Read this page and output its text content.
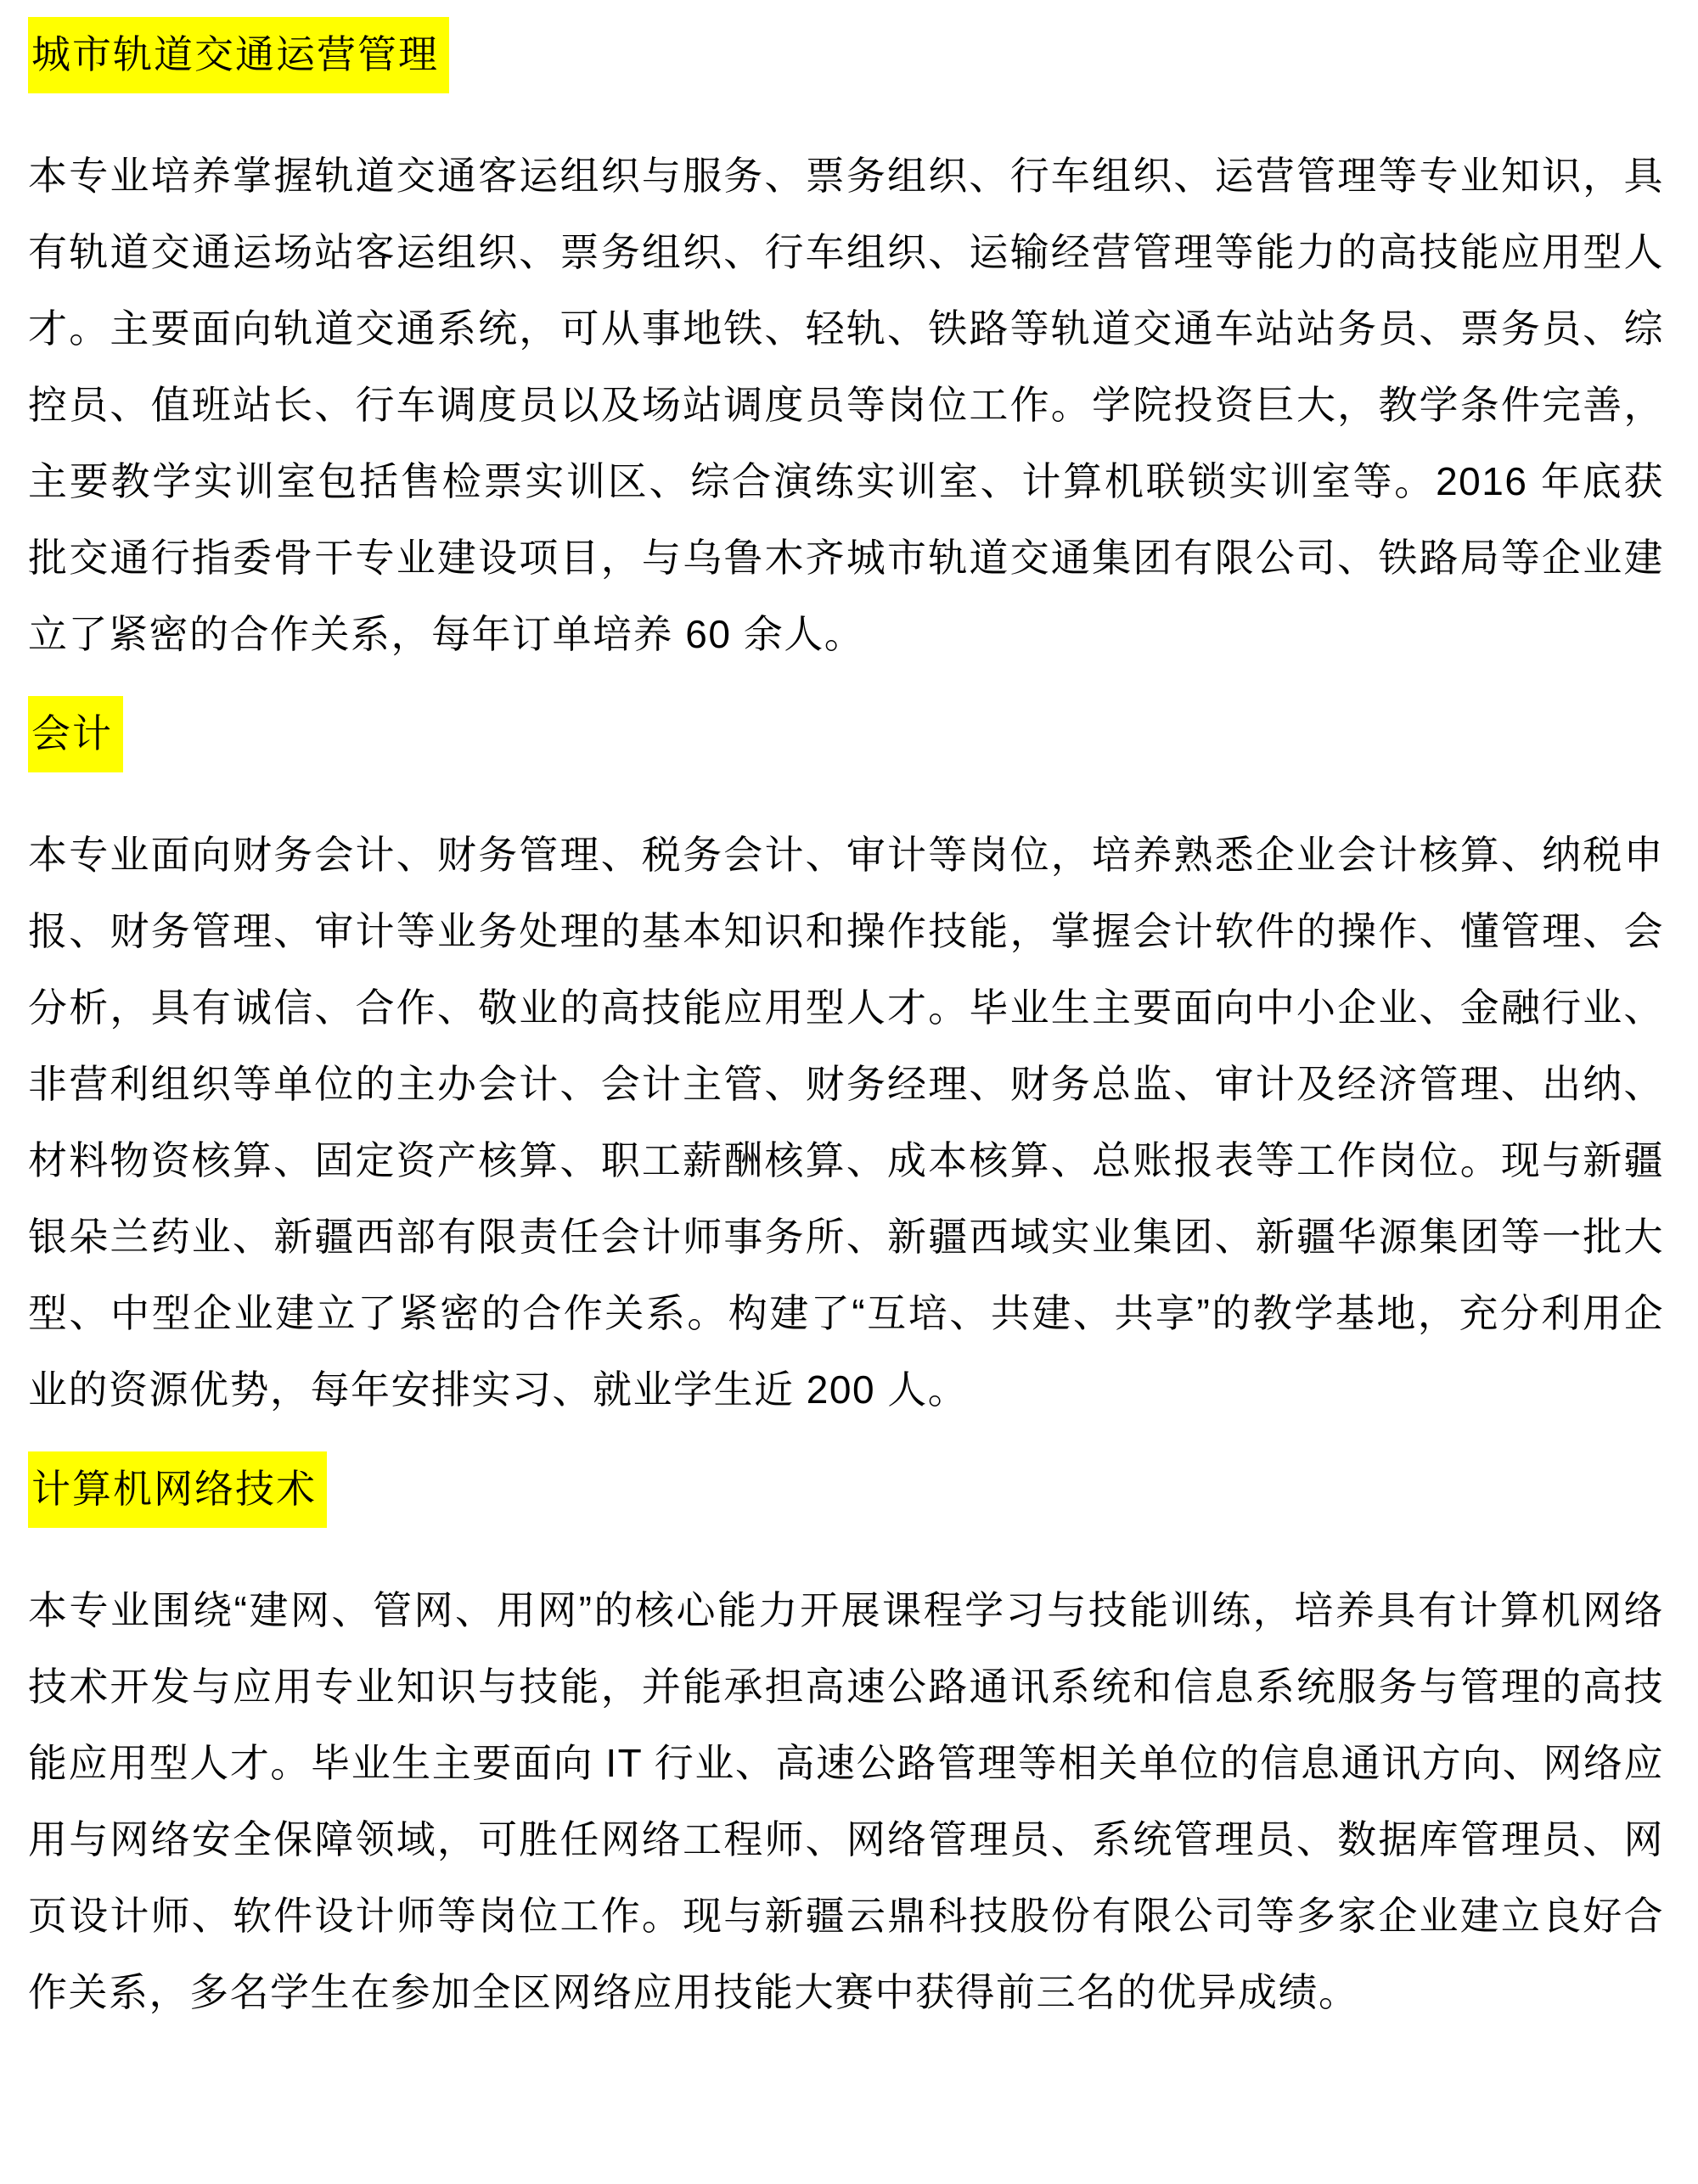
城市轨道交通运营管理

本专业培养掌握轨道交通客运组织与服务、票务组织、行车组织、运营管理等专业知识，具有轨道交通运场站客运组织、票务组织、行车组织、运输经营管理等能力的高技能应用型人才。主要面向轨道交通系统，可从事地铁、轻轨、铁路等轨道交通车站站务员、票务员、综控员、值班站长、行车调度员以及场站调度员等岗位工作。学院投资巨大，教学条件完善，主要教学实训室包括售检票实训区、综合演练实训室、计算机联锁实训室等。2016 年底获批交通行指委骨干专业建设项目，与乌鲁木齐城市轨道交通集团有限公司、铁路局等企业建立了紧密的合作关系，每年订单培养 60 余人。

会计

本专业面向财务会计、财务管理、税务会计、审计等岗位，培养熟悉企业会计核算、纳税申报、财务管理、审计等业务处理的基本知识和操作技能，掌握会计软件的操作、懂管理、会分析，具有诚信、合作、敬业的高技能应用型人才。毕业生主要面向中小企业、金融行业、非营利组织等单位的主办会计、会计主管、财务经理、财务总监、审计及经济管理、出纳、材料物资核算、固定资产核算、职工薪酬核算、成本核算、总账报表等工作岗位。现与新疆银朵兰药业、新疆西部有限责任会计师事务所、新疆西域实业集团、新疆华源集团等一批大型、中型企业建立了紧密的合作关系。构建了“互培、共建、共享”的教学基地，充分利用企业的资源优势，每年安排实习、就业学生近 200 人。

计算机网络技术

本专业围绕“建网、管网、用网”的核心能力开展课程学习与技能训练，培养具有计算机网络技术开发与应用专业知识与技能，并能承担高速公路通讯系统和信息系统服务与管理的高技能应用型人才。毕业生主要面向 IT 行业、高速公路管理等相关单位的信息通讯方向、网络应用与网络安全保障领域，可胜任网络工程师、网络管理员、系统管理员、数据库管理员、网页设计师、软件设计师等岗位工作。现与新疆云鼎科技股份有限公司等多家企业建立良好合作关系，多名学生在参加全区网络应用技能大赛中获得前三名的优异成绩。
